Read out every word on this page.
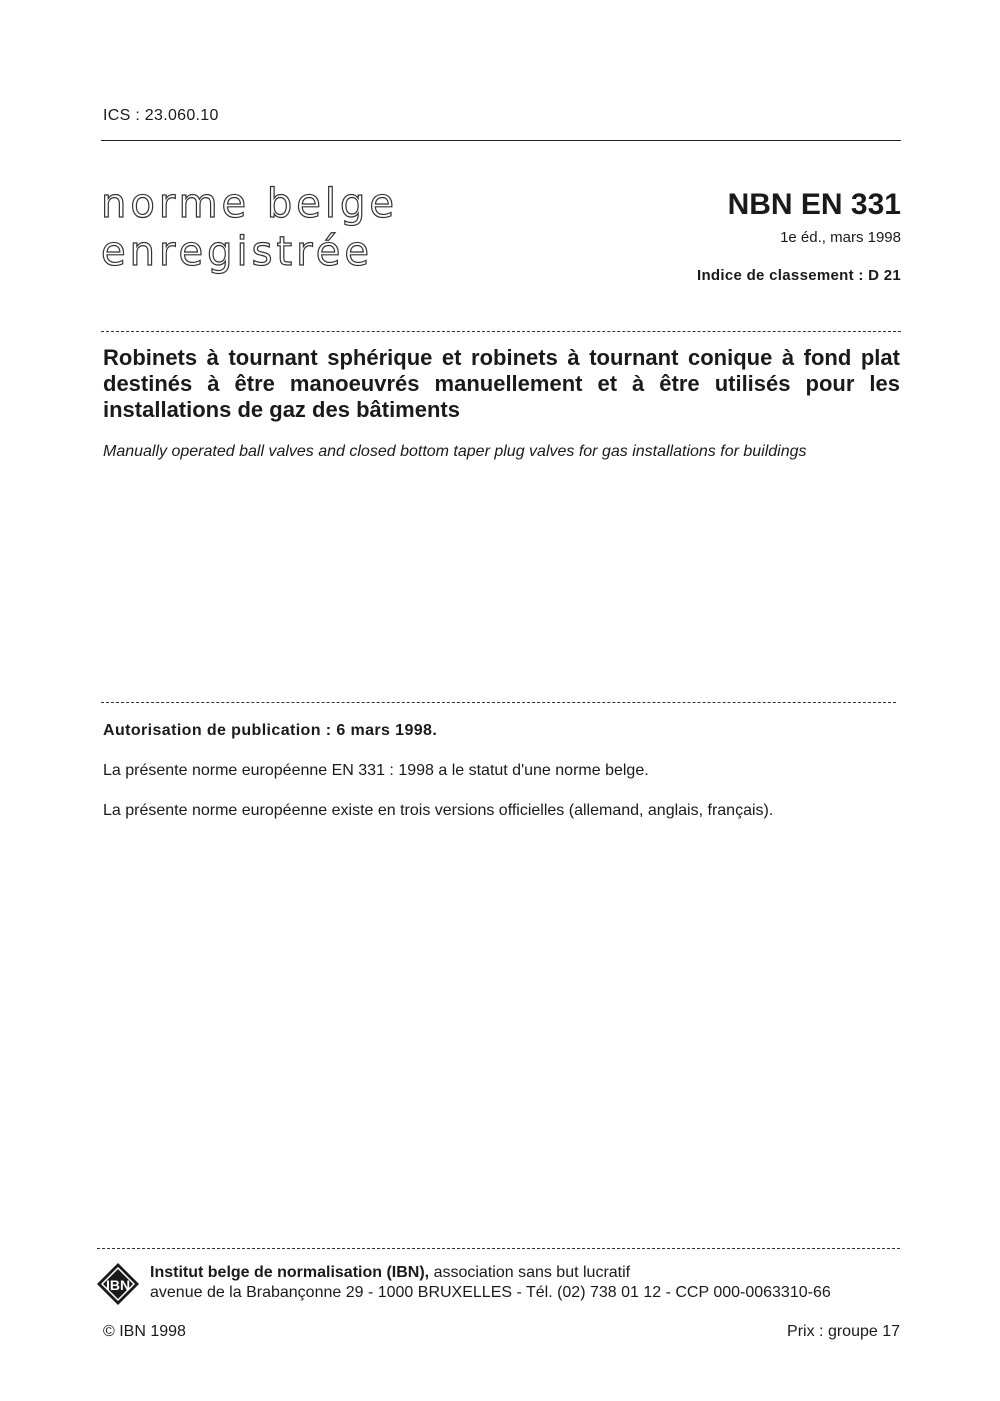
ICS : 23.060.10
norme belge
enregistrée
NBN EN 331
1e éd., mars 1998
Indice de classement : D 21
Robinets à tournant sphérique et robinets à tournant conique à fond plat destinés à être manoeuvrés manuellement et à être utilisés pour les installations de gaz des bâtiments
Manually operated ball valves and closed bottom taper plug valves for gas installations for buildings
Autorisation de publication : 6 mars 1998.
La présente norme européenne EN 331 : 1998 a le statut d'une norme belge.
La présente norme européenne existe en trois versions officielles (allemand, anglais, français).
IBN
Institut belge de normalisation (IBN), association sans but lucratif
avenue de la Brabançonne 29 - 1000 BRUXELLES - Tél. (02) 738 01 12 - CCP 000-0063310-66
© IBN 1998	Prix : groupe 17
